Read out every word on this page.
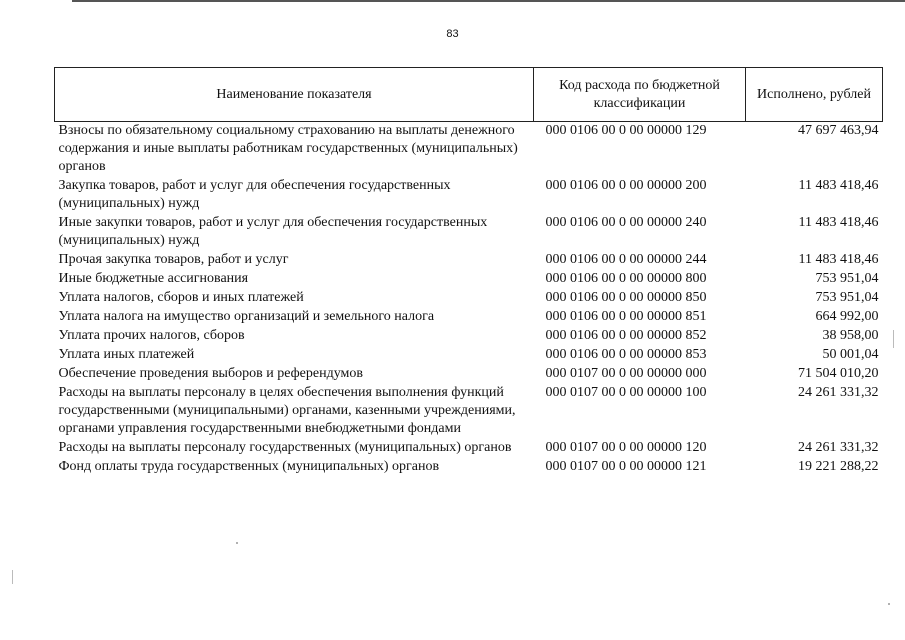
83
Наименование показателя	Код расхода по бюджетной классификации	Исполнено, рублей
Взносы по обязательному социальному страхованию на выплаты денежного содержания и иные выплаты работникам государственных (муниципальных) органов	000 0106 00 0 00 00000 129	47 697 463,94
Закупка товаров, работ и услуг для обеспечения государственных (муниципальных) нужд	000 0106 00 0 00 00000 200	11 483 418,46
Иные закупки товаров, работ и услуг для обеспечения государственных (муниципальных) нужд	000 0106 00 0 00 00000 240	11 483 418,46
Прочая закупка товаров, работ и услуг	000 0106 00 0 00 00000 244	11 483 418,46
Иные бюджетные ассигнования	000 0106 00 0 00 00000 800	753 951,04
Уплата налогов, сборов и иных платежей	000 0106 00 0 00 00000 850	753 951,04
Уплата налога на имущество организаций и земельного налога	000 0106 00 0 00 00000 851	664 992,00
Уплата прочих налогов, сборов	000 0106 00 0 00 00000 852	38 958,00
Уплата иных платежей	000 0106 00 0 00 00000 853	50 001,04
Обеспечение проведения выборов и референдумов	000 0107 00 0 00 00000 000	71 504 010,20
Расходы на выплаты персоналу в целях обеспечения выполнения функций государственными (муниципальными) органами, казенными учреждениями, органами управления государственными внебюджетными фондами	000 0107 00 0 00 00000 100	24 261 331,32
Расходы на выплаты персоналу государственных (муниципальных) органов	000 0107 00 0 00 00000 120	24 261 331,32
Фонд оплаты труда государственных (муниципальных) органов	000 0107 00 0 00 00000 121	19 221 288,22
